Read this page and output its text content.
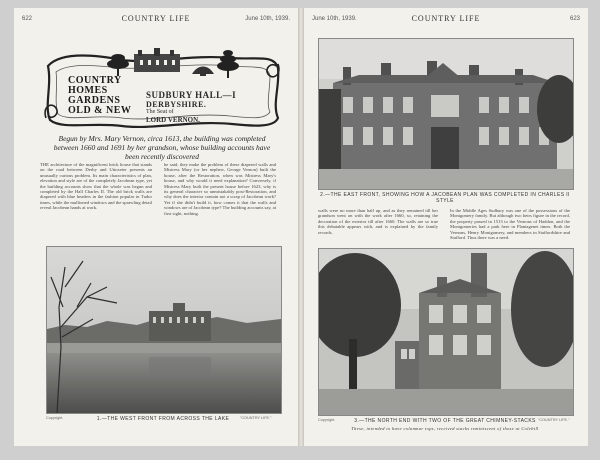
622	COUNTRY LIFE	June 10th, 1939.
COUNTRY
HOMES
GARDENS
OLD & NEW
SUDBURY HALL—I
DERBYSHIRE.
The Seat of
LORD VERNON.
Begun by Mrs. Mary Vernon, circa 1613, the building was completed between 1660 and 1691 by her grandson, whose building accounts have been recently discovered
THE architecture of the magnificent brick house that stands on the road between Derby and Uttoxeter presents an unusually curious problem. Its main characteristics of plan, elevation and style are of the completely Jacobean type, yet the building accounts show that the whole was begun and completed by the Hall Charles II. The old brick walls are diapered with blue headers in the fashion popular in Tudor times, while the mullioned windows and the sprawling detail reveal Jacobean hands at work.
he said, they make the problem of these diapered walls and Mistress Mary (or her nephew, George Vernon) built the house, after the Restoration, when was Mistress Mary's house, and why would it need explanation? Conversely, if Mistress Mary built the present house before 1623, why is its general character so unmistakably post-Restoration, and why does the interior contain not a scrap of Jacobean work? Yet if she didn't build it, how comes it that the walls and windows are of Jacobean type? The building accounts say, at first sight, nothing.
Copyright.	1.—THE WEST FRONT FROM ACROSS THE LAKE	"COUNTRY LIFE."
June 10th, 1939.	COUNTRY LIFE	623
2.—THE EAST FRONT, SHOWING HOW A JACOBEAN PLAN WAS COMPLETED IN CHARLES II STYLE
walls were no more than half up, and as they remained till her grandson went on with the work after 1660, so, retaining the decoration of the exterior till after 1660. The walls are so true this debatable appears with, and is explained by the family records.
In the Middle Ages Sudbury was one of the possessions of the Montgomery family. But although two heirs figure in the record, the property passed in 1513 to the Vernons of Haddon, and the Montgomeries had a park here in Plantagenet times. Both the Vernons, Henry Montgomery, and members in Staffordshire and Stafford. Thus there was a need.
Copyright.	3.—THE NORTH END WITH TWO OF THE GREAT CHIMNEY-STACKS "COUNTRY LIFE."
These, intended to have columnar tops, received stacks reminiscent of those at Colebill
